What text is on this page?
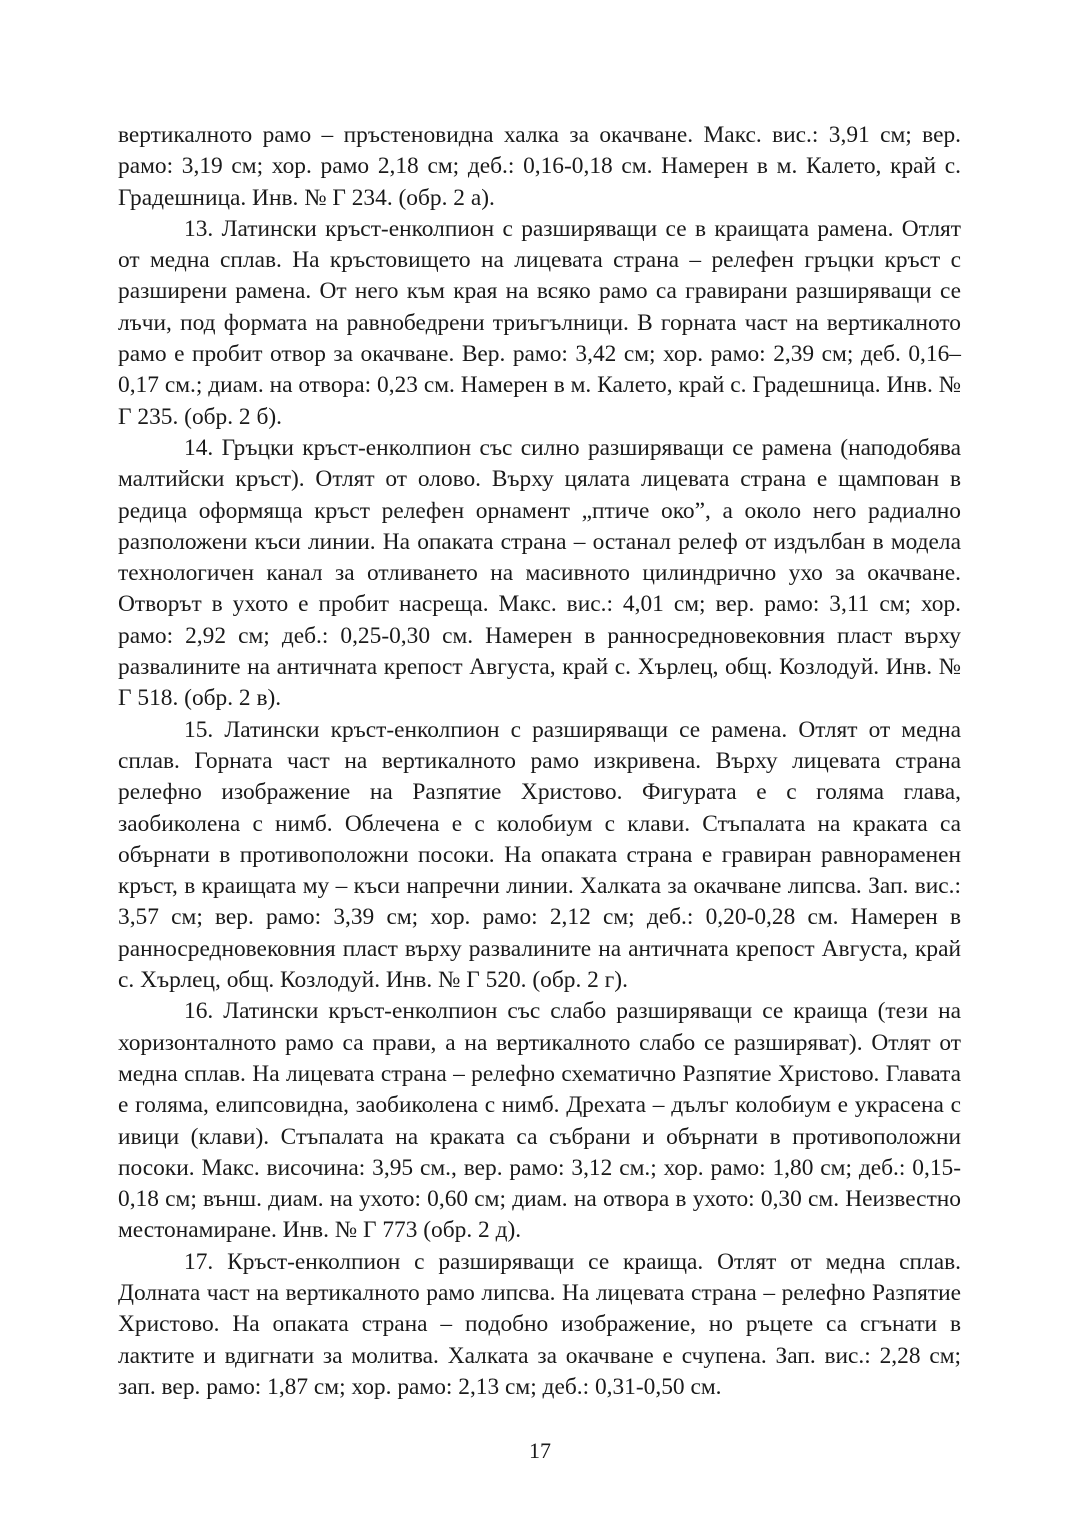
вертикалното рамо – пръстеновидна халка за окачване. Макс. вис.: 3,91 см; вер. рамо: 3,19 см; хор. рамо 2,18 см; деб.: 0,16-0,18 см. Намерен в м. Калето, край с. Градешница. Инв. № Г 234. (обр. 2 а).

13. Латински кръст-енколпион с разширяващи се в краищата рамена. Отлят от медна сплав. На кръстовището на лицевата страна – релефен гръцки кръст с разширени рамена. От него към края на всяко рамо са гравирани разширяващи се лъчи, под формата на равнобедрени триъгълници. В горната част на вертикалното рамо е пробит отвор за окачване. Вер. рамо: 3,42 см; хор. рамо: 2,39 см; деб. 0,16–0,17 см.; диам. на отвора: 0,23 см. Намерен в м. Калето, край с. Градешница. Инв. № Г 235. (обр. 2 б).

14. Гръцки кръст-енколпион със силно разширяващи се рамена (наподобява малтийски кръст). Отлят от олово. Върху цялата лицевата страна е щампован в редица оформяща кръст релефен орнамент „птиче око”, а около него радиално разположени къси линии. На опаката страна – останал релеф от издълбан в модела технологичен канал за отливането на масивното цилиндрично ухо за окачване. Отворът в ухото е пробит насреща. Макс. вис.: 4,01 см; вер. рамо: 3,11 см; хор. рамо: 2,92 см; деб.: 0,25-0,30 см. Намерен в ранносредновековния пласт върху развалините на античната крепост Августа, край с. Хърлец, общ. Козлодуй. Инв. № Г 518. (обр. 2 в).

15. Латински кръст-енколпион с разширяващи се рамена. Отлят от медна сплав. Горната част на вертикалното рамо изкривена. Върху лицевата страна релефно изображение на Разпятие Христово. Фигурата е с голяма глава, заобиколена с нимб. Облечена е с колобиум с клави. Стъпалата на краката са обърнати в противоположни посоки. На опаката страна е гравиран равнорамeнен кръст, в краищата му – къси напречни линии. Халката за окачване липсва. Зап. вис.: 3,57 см; вер. рамо: 3,39 см; хор. рамо: 2,12 см; деб.: 0,20-0,28 см. Намерен в ранносредновековния пласт върху развалините на античната крепост Августа, край с. Хърлец, общ. Козлодуй. Инв. № Г 520. (обр. 2 г).

16. Латински кръст-енколпион със слабо разширяващи се краища (тези на хоризонталното рамо са прави, а на вертикалното слабо се разширяват). Отлят от медна сплав. На лицевата страна – релефно схематично Разпятие Христово. Главата е голяма, елипсовидна, заобиколена с нимб. Дрехата – дълъг колобиум е украсена с ивици (клави). Стъпалата на краката са събрани и обърнати в противоположни посоки. Макс. височина: 3,95 см., вер. рамо: 3,12 см.; хор. рамо: 1,80 см; деб.: 0,15-0,18 см; външ. диам. на ухото: 0,60 см; диам. на отвора в ухото: 0,30 см. Неизвестно местонамиране. Инв. № Г 773 (обр. 2 д).

17. Кръст-енколпион с разширяващи се краища. Отлят от медна сплав. Долната част на вертикалното рамо липсва. На лицевата страна – релефно Разпятие Христово. На опаката страна – подобно изображение, но ръцете са сгънати в лактите и вдигнати за молитва. Халката за окачване е счупена. Зап. вис.: 2,28 см; зап. вер. рамо: 1,87 см; хор. рамо: 2,13 см; деб.: 0,31-0,50 см.

17
